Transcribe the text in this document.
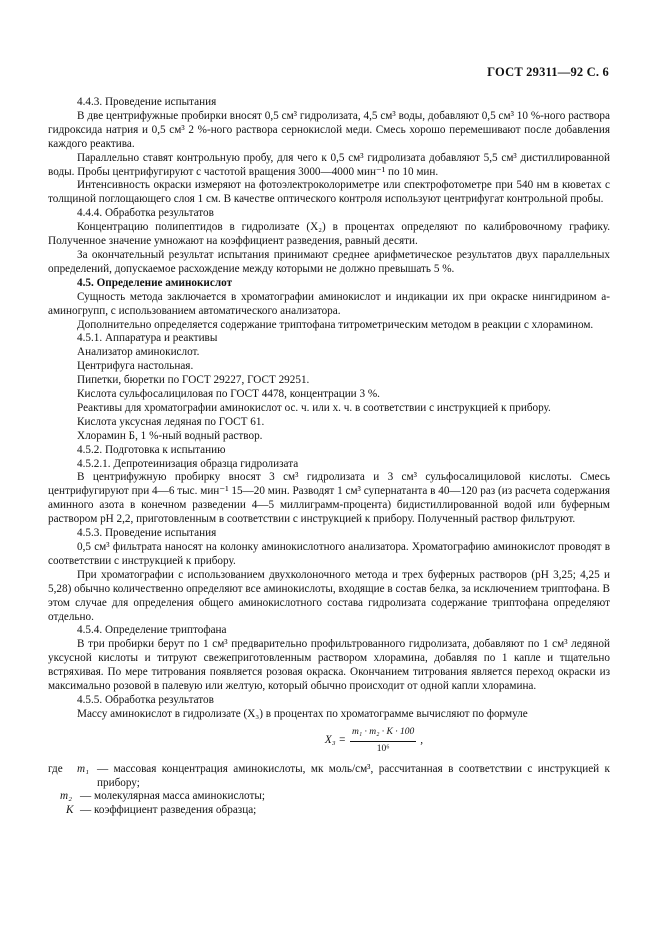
ГОСТ 29311—92 С. 6

4.4.3. Проведение испытания

В две центрифужные пробирки вносят 0,5 см³ гидролизата, 4,5 см³ воды, добавляют 0,5 см³ 10 %-ного раствора гидроксида натрия и 0,5 см³ 2 %-ного раствора сернокислой меди. Смесь хорошо перемешивают после добавления каждого реактива.

Параллельно ставят контрольную пробу, для чего к 0,5 см³ гидролизата добавляют 5,5 см³ дистиллированной воды. Пробы центрифугируют с частотой вращения 3000—4000 мин⁻¹ по 10 мин.

Интенсивность окраски измеряют на фотоэлектроколориметре или спектрофотометре при 540 нм в кюветах с толщиной поглощающего слоя 1 см. В качестве оптического контроля используют центрифугат контрольной пробы.

4.4.4. Обработка результатов

Концентрацию полипептидов в гидролизате (X₂) в процентах определяют по калибровочному графику. Полученное значение умножают на коэффициент разведения, равный десяти.

За окончательный результат испытания принимают среднее арифметическое результатов двух параллельных определений, допускаемое расхождение между которыми не должно превышать 5 %.

4.5. Определение аминокислот

Сущность метода заключается в хроматографии аминокислот и индикации их при окраске нингидрином а-аминогрупп, с использованием автоматического анализатора.

Дополнительно определяется содержание триптофана титрометрическим методом в реакции с хлорамином.

4.5.1. Аппаратура и реактивы

Анализатор аминокислот.

Центрифуга настольная.

Пипетки, бюретки по ГОСТ 29227, ГОСТ 29251.

Кислота сульфосалициловая по ГОСТ 4478, концентрации 3 %.

Реактивы для хроматографии аминокислот ос. ч. или х. ч. в соответствии с инструкцией к прибору.

Кислота уксусная ледяная по ГОСТ 61.

Хлорамин Б, 1 %-ный водный раствор.

4.5.2. Подготовка к испытанию

4.5.2.1. Депротеинизация образца гидролизата

В центрифужную пробирку вносят 3 см³ гидролизата и 3 см³ сульфосалициловой кислоты. Смесь центрифугируют при 4—6 тыс. мин⁻¹ 15—20 мин. Разводят 1 см³ супернатанта в 40—120 раз (из расчета содержания аминного азота в конечном разведении 4—5 миллиграмм-процента) бидистиллированной водой или буферным раствором рН 2,2, приготовленным в соответствии с инструкцией к прибору. Полученный раствор фильтруют.

4.5.3. Проведение испытания

0,5 см³ фильтрата наносят на колонку аминокислотного анализатора. Хроматографию аминокислот проводят в соответствии с инструкцией к прибору.

При хроматографии с использованием двухколоночного метода и трех буферных растворов (рН 3,25; 4,25 и 5,28) обычно количественно определяют все аминокислоты, входящие в состав белка, за исключением триптофана. В этом случае для определения общего аминокислотного состава гидролизата содержание триптофана определяют отдельно.

4.5.4. Определение триптофана

В три пробирки берут по 1 см³ предварительно профильтрованного гидролизата, добавляют по 1 см³ ледяной уксусной кислоты и титруют свежеприготовленным раствором хлорамина, добавляя по 1 капле и тщательно встряхивая. По мере титрования появляется розовая окраска. Окончанием титрования является переход окраски из максимально розовой в палевую или желтую, который обычно происходит от одной капли хлорамина.

4.5.5. Обработка результатов

Массу аминокислот в гидролизате (X₃) в процентах по хроматограмме вычисляют по формуле

$X_3 = \frac{\text{m₁ · m₂ · K · 100}}{\text{10⁶}}$ ,
где	m₁ — массовая концентрация аминокислоты, мк моль/см³, рассчитанная в соответствии с инструкцией к прибору;
m₂ — молекулярная масса аминокислоты;
K — коэффициент разведения образца;
